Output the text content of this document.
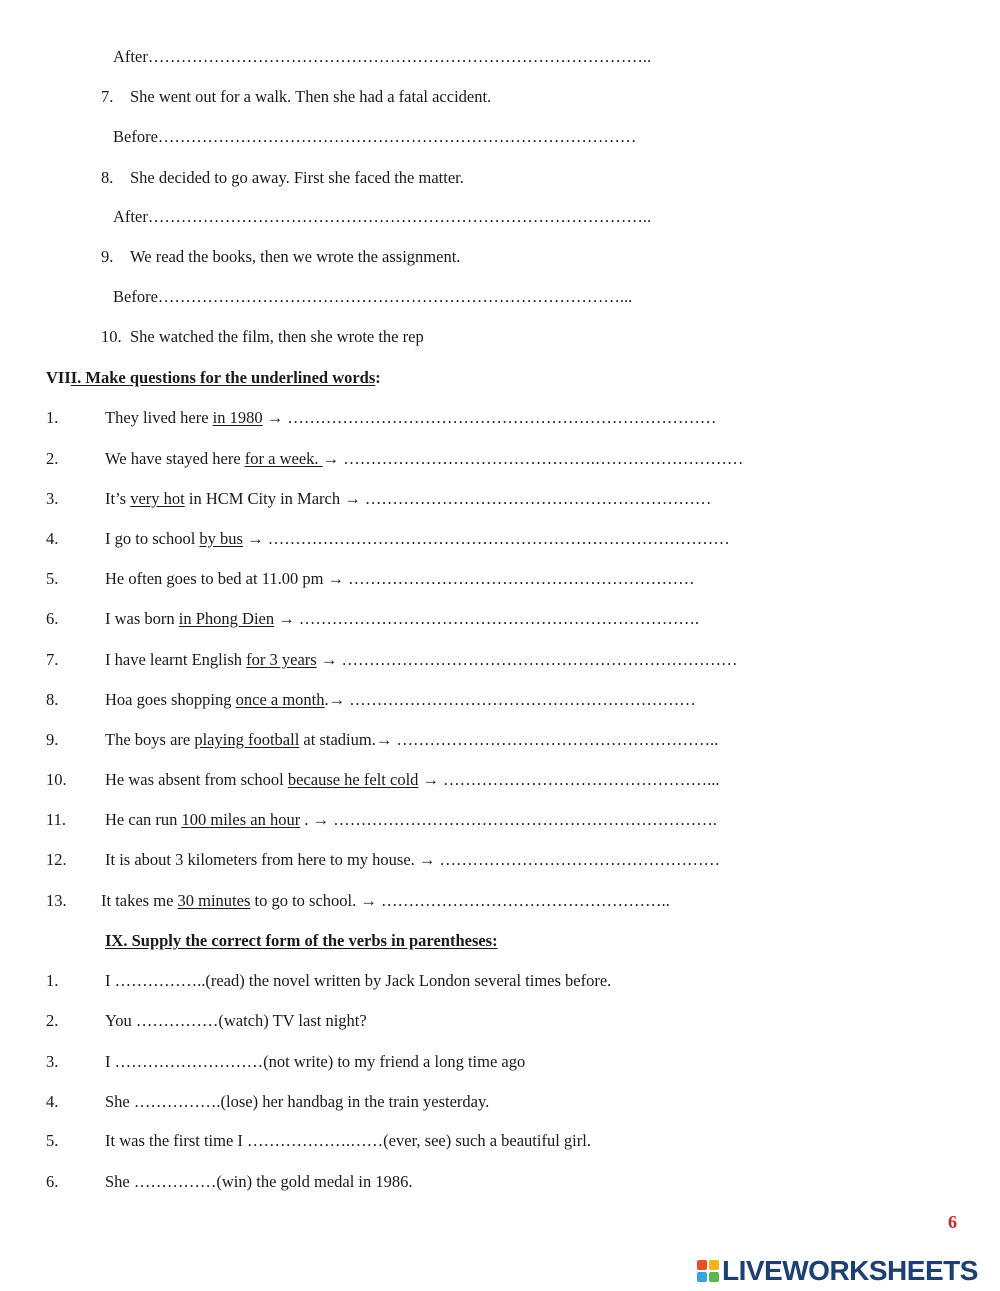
After………………………………………………………………………………..
7. She went out for a walk. Then she had a fatal accident.
Before……………………………………………………………………………
8. She decided to go away. First she faced the matter.
After………………………………………………………………………………..
9. We read the books, then we wrote the assignment.
Before…………………………………………………………………………...
10. She watched the film, then she wrote the rep
VIII. Make questions for the underlined words:
1.	They lived here in 1980 → ……………………………………………………………………
2.	We have stayed here for a week. → ……………………………………….………………………
3.	It’s very hot in HCM City in March → ………………………………………………………
4.	I go to school by bus → …………………………………………………………………………
5.	He often goes to bed at 11.00 pm → ………………………………………………………
6.	I was born in Phong Dien → ……………………………………………………………….
7.	I have learnt English for 3 years → ………………………………………………………………
8.	Hoa goes shopping once a month.→ ………………………………………………………
9.	The boys are playing football at stadium.→ …………………………………………………..
10. He was absent from school because he felt cold → …………………………………………...
11. He can run 100 miles an hour . → …………………………………………………………….
12. It is about 3 kilometers from here to my house. → ……………………………………………
13. It takes me 30 minutes to go to school. → ……………………………………………..
IX. Supply the correct form of the verbs in parentheses:
1.	I ……………..(read) the novel written by Jack London several times before.
2.	You ……………(watch) TV last night?
3.	I ………………………(not write) to my friend a long time ago
4.	She …………….(lose) her handbag in the train yesterday.
5.	It was the first time I ……………….……(ever, see) such a beautiful girl.
6.	She ……………(win) the gold medal in 1986.
6
LIVEWORKSHEETS
